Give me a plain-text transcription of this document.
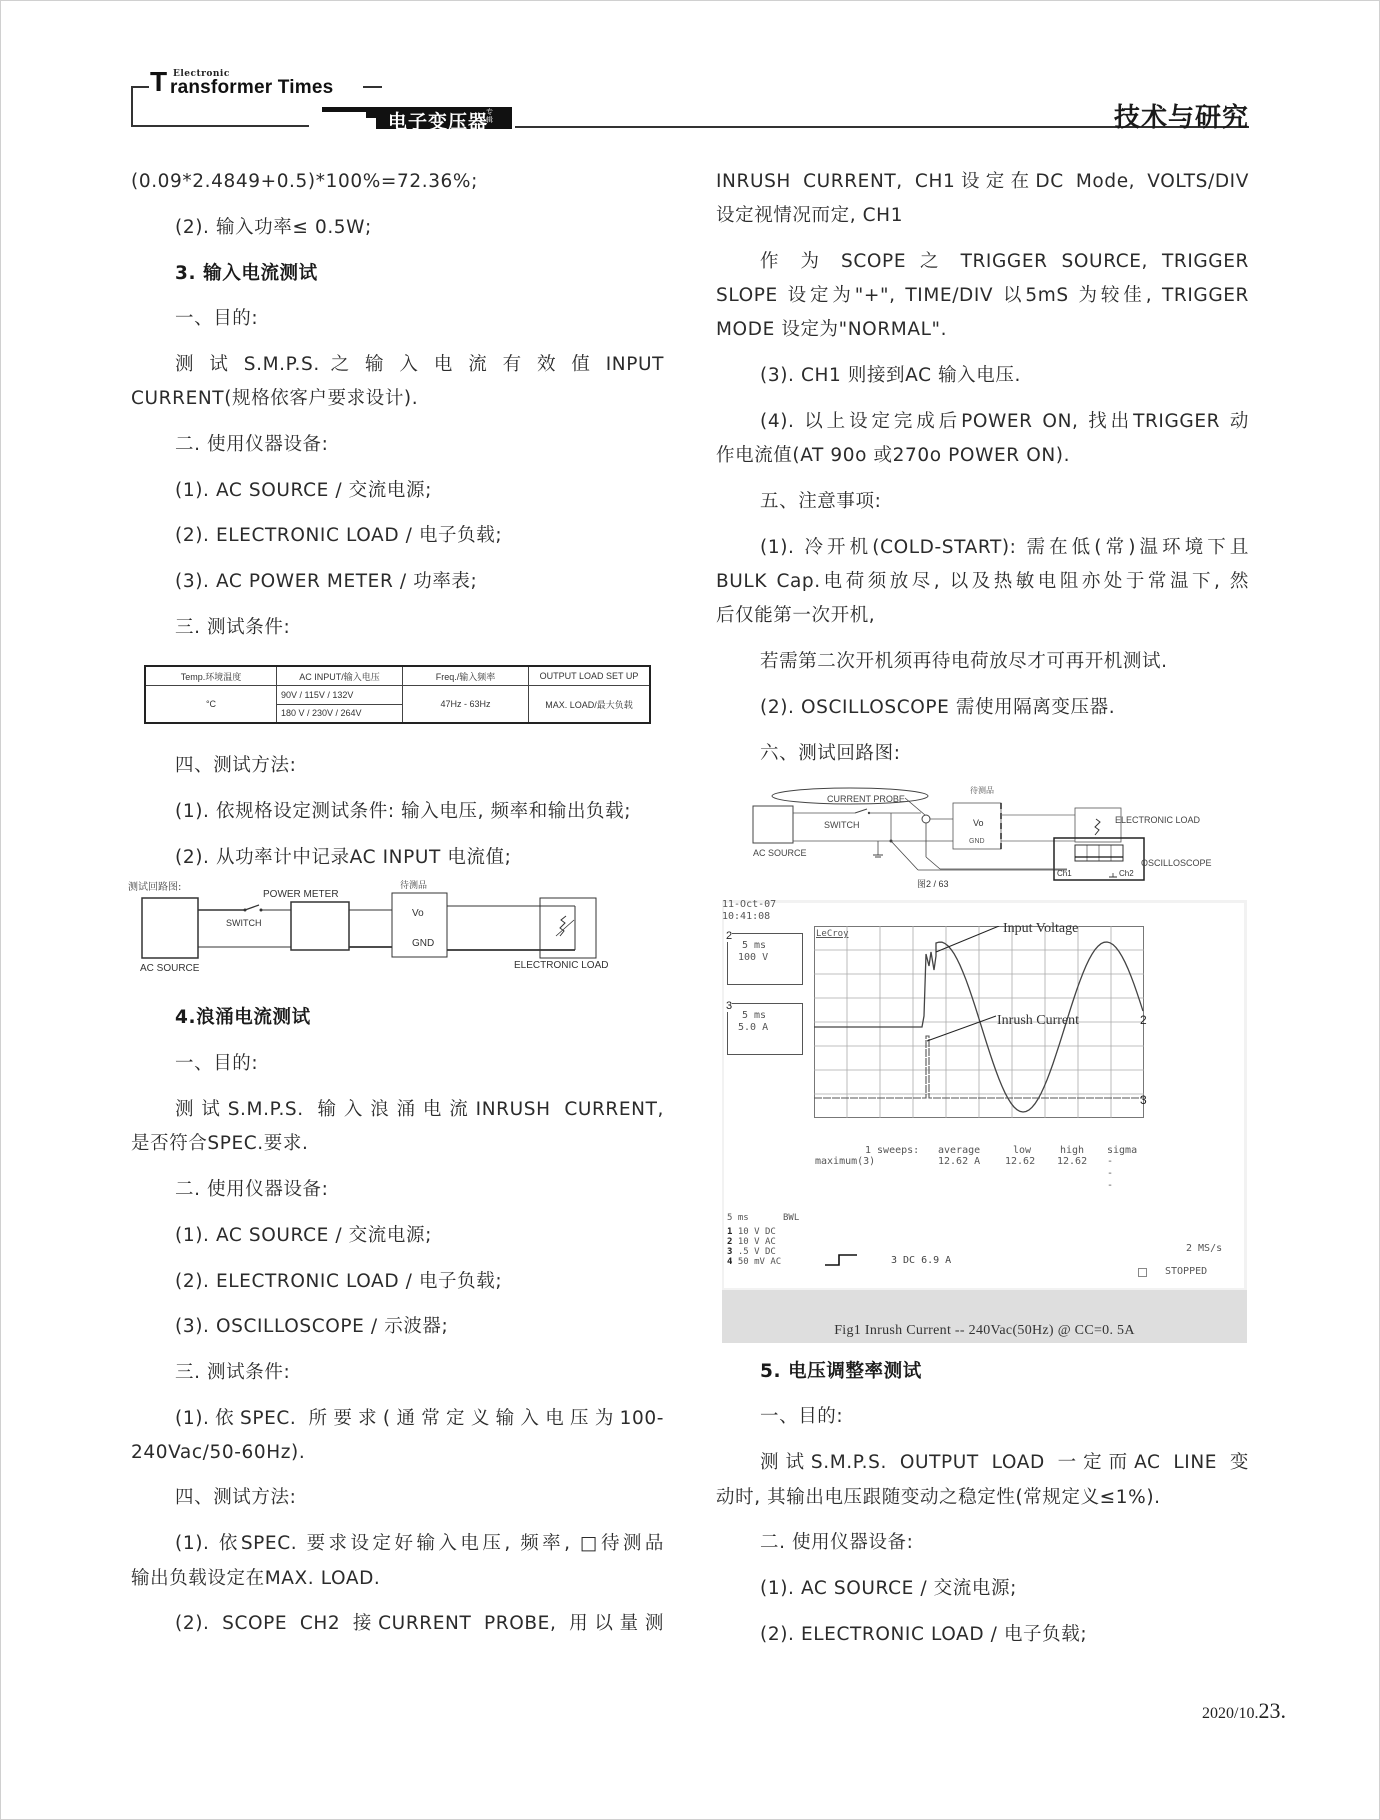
T Electronic
ransformer Times
电子变压器
专辑	技术与研究
(0.09*2.4849+0.5)*100%=72.36%;
(2). 输入功率≤ 0.5W;
3. 输入电流测试
一、目的:
测 试 S.M.P.S. 之 输 入 电 流 有 效 值 INPUT
CURRENT(规格依客户要求设计).
二. 使用仪器设备:
(1). AC SOURCE / 交流电源;
(2). ELECTRONIC LOAD / 电子负载;
(3). AC POWER METER / 功率表;
三. 测试条件:
四、测试方法:
(1). 依规格设定测试条件: 输入电压, 频率和输出负载;
(2). 从功率计中记录AC INPUT 电流值;
4.浪涌电流测试
一、目的:
测试S.M.P.S. 输入浪涌电流INRUSH CURRENT,
是否符合SPEC.要求.
二. 使用仪器设备:
(1). AC SOURCE / 交流电源;
(2). ELECTRONIC LOAD / 电子负载;
(3). OSCILLOSCOPE / 示波器;
三. 测试条件:
(1).依SPEC. 所要求(通常定义输入电压为100-
240Vac/50-60Hz).
四、测试方法:
(1). 依SPEC. 要求设定好输入电压, 频率, □待测品
输出负载设定在MAX. LOAD.
(2). SCOPE CH2 接CURRENT PROBE, 用以量测
Temp.环境温度	AC INPUT/输入电压	Freq./输入频率	OUTPUT LOAD SET UP
°C	90V / 115V / 132V	47Hz - 63Hz	MAX. LOAD/最大负载
	180 V / 230V / 264V		
测试回路图:	待测品
POWER METER
SWITCH
Vo
GND
AC SOURCE	ELECTRONIC LOAD
INRUSH CURRENT, CH1设定在DC Mode, VOLTS/DIV
设定视情况而定, CH1
作 为 SCOPE 之 TRIGGER SOURCE, TRIGGER
SLOPE 设定为"+", TIME/DIV 以5mS 为较佳, TRIGGER
MODE 设定为"NORMAL".
(3). CH1 则接到AC 输入电压.
(4). 以上设定完成后POWER ON, 找出TRIGGER 动
作电流值(AT 90o 或270o POWER ON).
五、注意事项:
(1). 冷开机(COLD-START): 需在低(常)温环境下且
BULK Cap.电荷须放尽, 以及热敏电阻亦处于常温下, 然
后仅能第一次开机,
若需第二次开机须再待电荷放尽才可再开机测试.
(2). OSCILLOSCOPE 需使用隔离变压器.
六、测试回路图:
5. 电压调整率测试
一、目的:
测试S.M.P.S. OUTPUT LOAD 一定而AC LINE 变
动时, 其输出电压跟随变动之稳定性(常规定义≤1%).
二. 使用仪器设备:
(1). AC SOURCE / 交流电源;
(2). ELECTRONIC LOAD / 电子负载;
待测品
CURRENT PROBE
SWITCH
AC SOURCE
Vo
GND
ELECTRONIC LOAD
OSCILLOSCOPE
Ch1	Ch2
图2 / 63
11-Oct-07
10:41:08
2
5 ms
100 V
3
5 ms
5.0 A
LeCroy	Input Voltage
Inrush Current	2
3
1 sweeps: average	low	high sigma
maximum(3)	12.62 A 12.62 12.62 - - -
5 ms	BWL
1 10 V DC
2 10 V AC
3 .5 V DC
4 50 mV AC	3 DC 6.9 A
2 MS/s
STOPPED
Fig1 Inrush Current -- 240Vac(50Hz) @ CC=0. 5A
2020/10.23.
